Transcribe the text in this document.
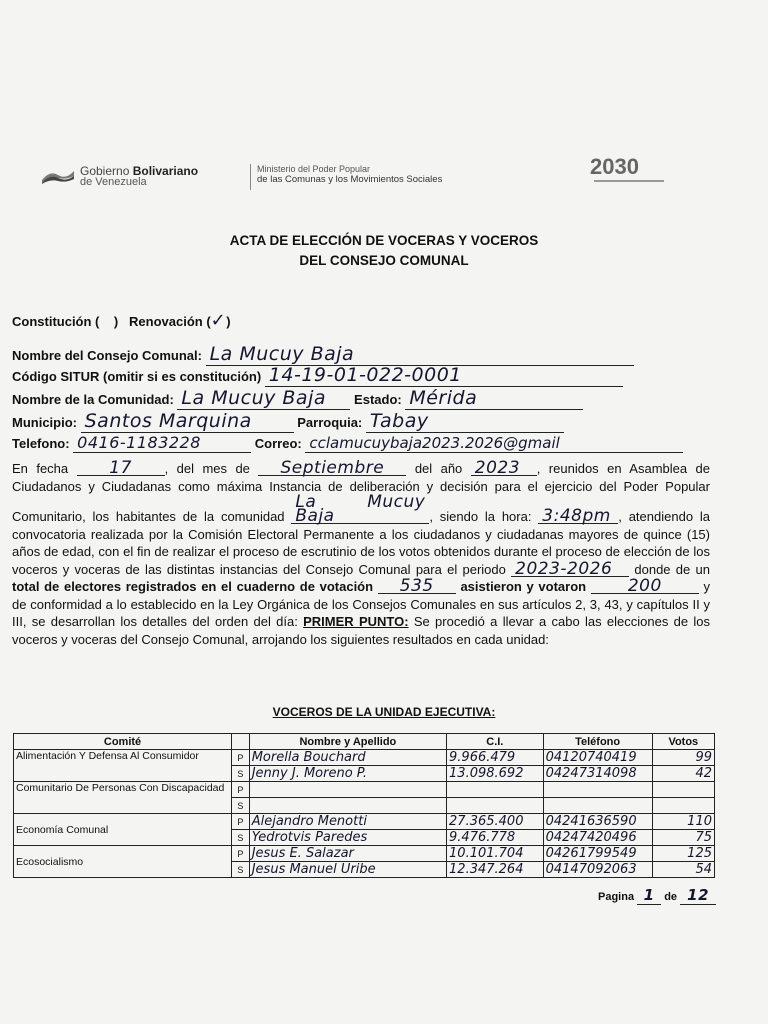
Gobierno Bolivariano
de Venezuela
Ministerio del Poder Popular
de las Comunas y los Movimientos Sociales
2030
ACTA DE ELECCIÓN DE VOCERAS Y VOCEROS
DEL CONSEJO COMUNAL
Constitución ( ) Renovación (✓)
Nombre del Consejo Comunal: La Mucuy Baja
Código SITUR (omitir si es constitución) 14-19-01-022-0001
Nombre de la Comunidad: La Mucuy Baja Estado: Mérida
Municipio: Santos Marquina	Parroquia: Tabay
Telefono: 0416-1183228	Correo: cclamucuybaja2023.2026@gmail
En fecha 17	, del mes de Septiembre del año 2023 , reunidos en Asamblea de Ciudadanos y Ciudadanas como máxima Instancia de deliberación y decisión para el ejercicio del Poder Popular Comunitario, los habitantes de la comunidad La Mucuy Baja	, siendo la hora: 3:48pm , atendiendo la convocatoria realizada por la Comisión Electoral Permanente a los ciudadanos y ciudadanas mayores de quince (15) años de edad, con el fin de realizar el proceso de escrutinio de los votos obtenidos durante el proceso de elección de los voceros y voceras de las distintas instancias del Consejo Comunal para el periodo 2023-2026 donde de un total de electores registrados en el cuaderno de votación 535 asistieron y votaron 200	y de conformidad a lo establecido en la Ley Orgánica de los Consejos Comunales en sus artículos 2, 3, 43, y capítulos II y III, se desarrollan los detalles del orden del día: PRIMER PUNTO: Se procedió a llevar a cabo las elecciones de los voceros y voceras del Consejo Comunal, arrojando los siguientes resultados en cada unidad:
VOCEROS DE LA UNIDAD EJECUTIVA:
Comité		Nombre y Apellido	C.I.	Teléfono	Votos
Alimentación Y Defensa Al Consumidor	P	Morella Bouchard	9.966.479	04120740419	99
	S	Jenny J. Moreno P.	13.098.692	04247314098	42
Comunitario De Personas Con Discapacidad	P				
	S				
Economía Comunal	P	Alejandro Menotti	27.365.400	04241636590	110
	S	Yedrotvis Paredes	9.476.778	04247420496	75
Ecosocialismo	P	Jesus E. Salazar	10.101.704	04261799549	125
	S	Jesus Manuel Uribe	12.347.264	04147092063	54
Pagina 1 de 12
